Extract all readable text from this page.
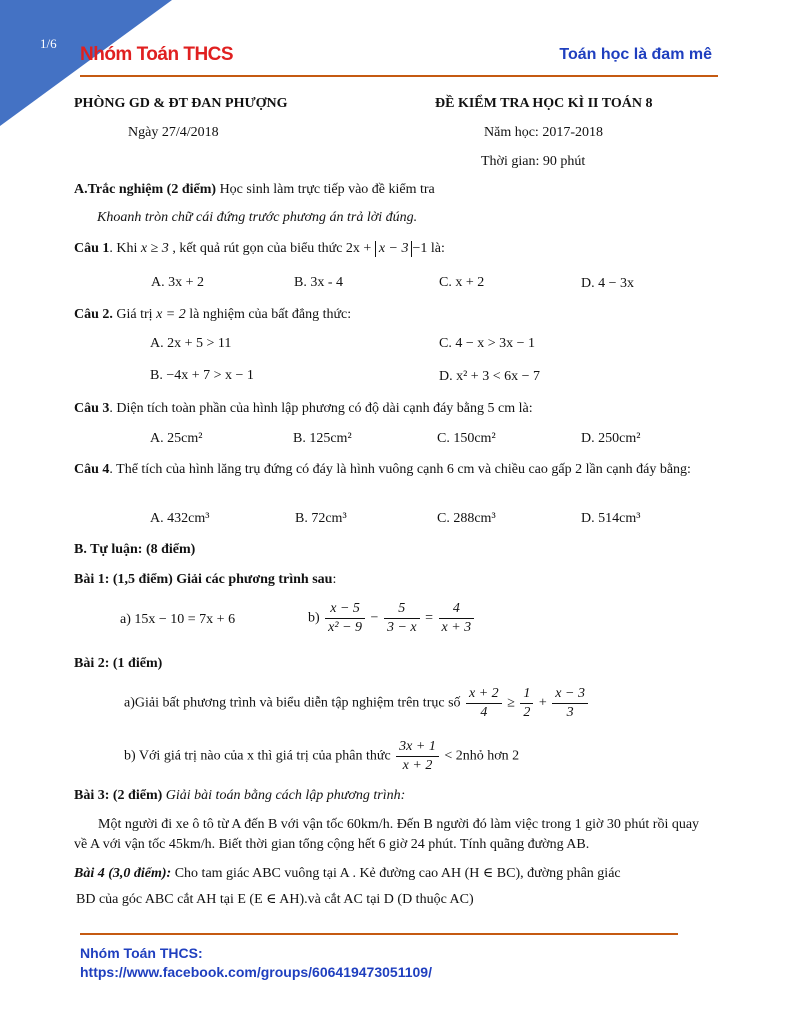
1/6
Nhóm Toán THCS	Toán học là đam mê
PHÒNG GD & ĐT ĐAN PHƯỢNG	ĐỀ KIỂM TRA HỌC KÌ II TOÁN 8
Ngày 27/4/2018	Năm học: 2017-2018
Thời gian: 90 phút
A.Trắc nghiệm (2 điểm) Học sinh làm trực tiếp vào đề kiểm tra
Khoanh tròn chữ cái đứng trước phương án trả lời đúng.
Câu 1. Khi x ≥ 3 , kết quả rút gọn của biểu thức 2x + x − 3 −1 là:
A. 3x + 2	B. 3x - 4	C. x + 2	D. 4 − 3x
Câu 2. Giá trị x = 2 là nghiệm của bất đẳng thức:
A. 2x + 5 > 11	C. 4 − x > 3x − 1
B. −4x + 7 > x − 1	D. x² + 3 < 6x − 7
Câu 3. Diện tích toàn phần của hình lập phương có độ dài cạnh đáy bằng 5 cm là:
A. 25cm²	B. 125cm²	C. 150cm²	D. 250cm²
Câu 4. Thể tích của hình lăng trụ đứng có đáy là hình vuông cạnh 6 cm và chiều cao gấp 2 lần cạnh đáy bằng:
A. 432cm³	B. 72cm³	C. 288cm³	D. 514cm³
B. Tự luận: (8 điểm)
Bài 1: (1,5 điểm) Giải các phương trình sau:
a) 15x − 10 = 7x + 6	$b) \frac{x - 5}{\text{x² − 9}} - \frac{5}{3 - x} = \frac{4}{x + 3}$
Bài 2: (1 điểm)
a)Giải bất phương trình và biểu diễn tập nghiệm trên trục số $\frac{x + 2}{4} \ge \frac{1}{2} + \frac{x - 3}{3}$
b) Với giá trị nào của x thì giá trị của phân thức $\frac{3x + 1}{x + 2}$ < 2nhỏ hơn 2
Bài 3: (2 điểm) Giải bài toán bằng cách lập phương trình:
Một người đi xe ô tô từ A đến B với vận tốc 60km/h. Đến B người đó làm việc trong 1 giờ 30 phút rồi quay về A với vận tốc 45km/h. Biết thời gian tổng cộng hết 6 giờ 24 phút. Tính quãng đường AB.
Bài 4 (3,0 điểm): Cho tam giác ABC vuông tại A . Kẻ đường cao AH (H ∈ BC), đường phân giác
BD của góc ABC cắt AH tại E (E ∈ AH).và cắt AC tại D (D thuộc AC)
Nhóm Toán THCS:
https://www.facebook.com/groups/606419473051109/
